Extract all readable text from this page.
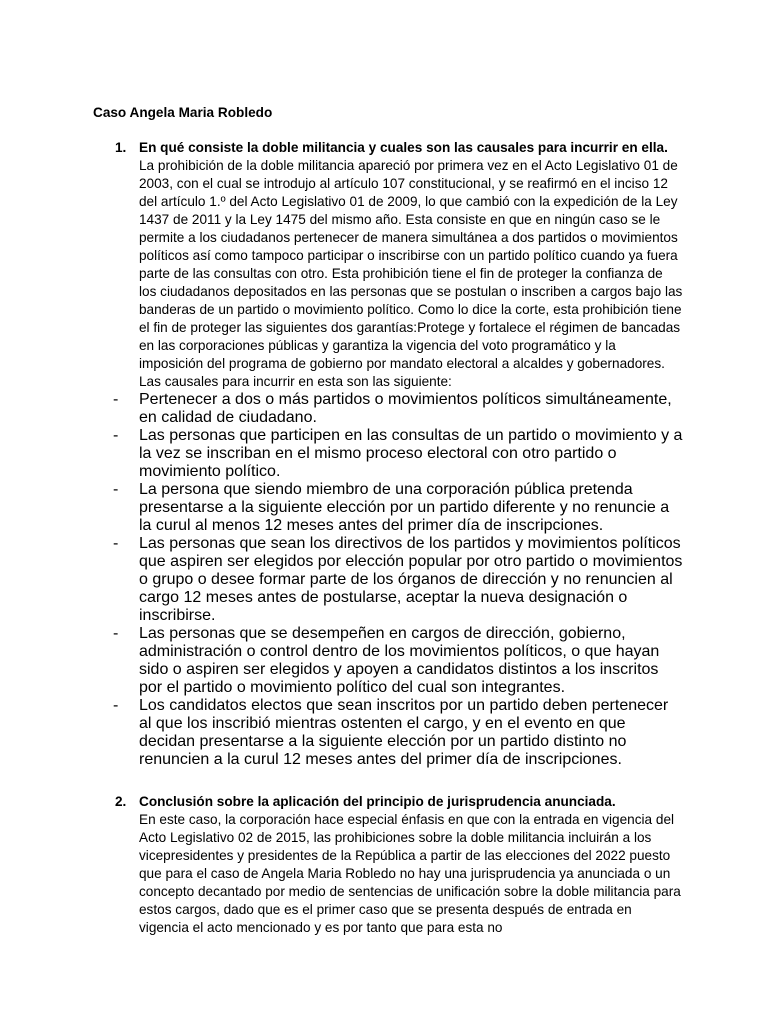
Caso Angela Maria Robledo
1. En qué consiste la doble militancia y cuales son las causales para incurrir en ella.

La prohibición de la doble militancia apareció por primera vez en el Acto Legislativo 01 de 2003, con el cual se introdujo al artículo 107 constitucional, y se reafirmó en el inciso 12 del artículo 1.º del Acto Legislativo 01 de 2009, lo que cambió con la expedición de la Ley 1437 de 2011 y la Ley 1475 del mismo año. Esta consiste en que en ningún caso se le permite a los ciudadanos pertenecer de manera simultánea a dos partidos o movimientos políticos así como tampoco participar o inscribirse con un partido político cuando ya fuera parte de las consultas con otro. Esta prohibición tiene el fin de proteger la confianza de los ciudadanos depositados en las personas que se postulan o inscriben a cargos bajo las banderas de un partido o movimiento político. Como lo dice la corte, esta prohibición tiene el fin de proteger las siguientes dos garantías:Protege y fortalece el régimen de bancadas en las corporaciones públicas y garantiza la vigencia del voto programático y la imposición del programa de gobierno por mandato electoral a alcaldes y gobernadores.

Las causales para incurrir en esta son las siguiente:

-	Pertenecer a dos o más partidos o movimientos políticos simultáneamente, en calidad de ciudadano.
-	Las personas que participen en las consultas de un partido o movimiento y a la vez se inscriban en el mismo proceso electoral con otro partido o movimiento político.
-	La persona que siendo miembro de una corporación pública pretenda presentarse a la siguiente elección por un partido diferente y no renuncie a la curul al menos 12 meses antes del primer día de inscripciones.
-	Las personas que sean los directivos de los partidos y movimientos políticos que aspiren ser elegidos por elección popular por otro partido o movimientos o grupo o desee formar parte de los órganos de dirección y no renuncien al cargo 12 meses antes de postularse, aceptar la nueva designación o inscribirse.
-	Las personas que se desempeñen en cargos de dirección, gobierno, administración o control dentro de los movimientos políticos, o que hayan sido o aspiren ser elegidos y apoyen a candidatos distintos a los inscritos por el partido o movimiento político del cual son integrantes.
-	Los candidatos electos que sean inscritos por un partido deben pertenecer al que los inscribió mientras ostenten el cargo, y en el evento en que decidan presentarse a la siguiente elección por un partido distinto no renuncien a la curul 12 meses antes del primer día de inscripciones.
2. Conclusión sobre la aplicación del principio de jurisprudencia anunciada.

En este caso, la corporación hace especial énfasis en que con la entrada en vigencia del Acto Legislativo 02 de 2015, las prohibiciones sobre la doble militancia incluirán a los vicepresidentes y presidentes de la República a partir de las elecciones del 2022 puesto que para el caso de Angela Maria Robledo no hay una jurisprudencia ya anunciada o un concepto decantado por medio de sentencias de unificación sobre la doble militancia para estos cargos, dado que es el primer caso que se presenta después de entrada en vigencia el acto mencionado y es por tanto que para esta no
